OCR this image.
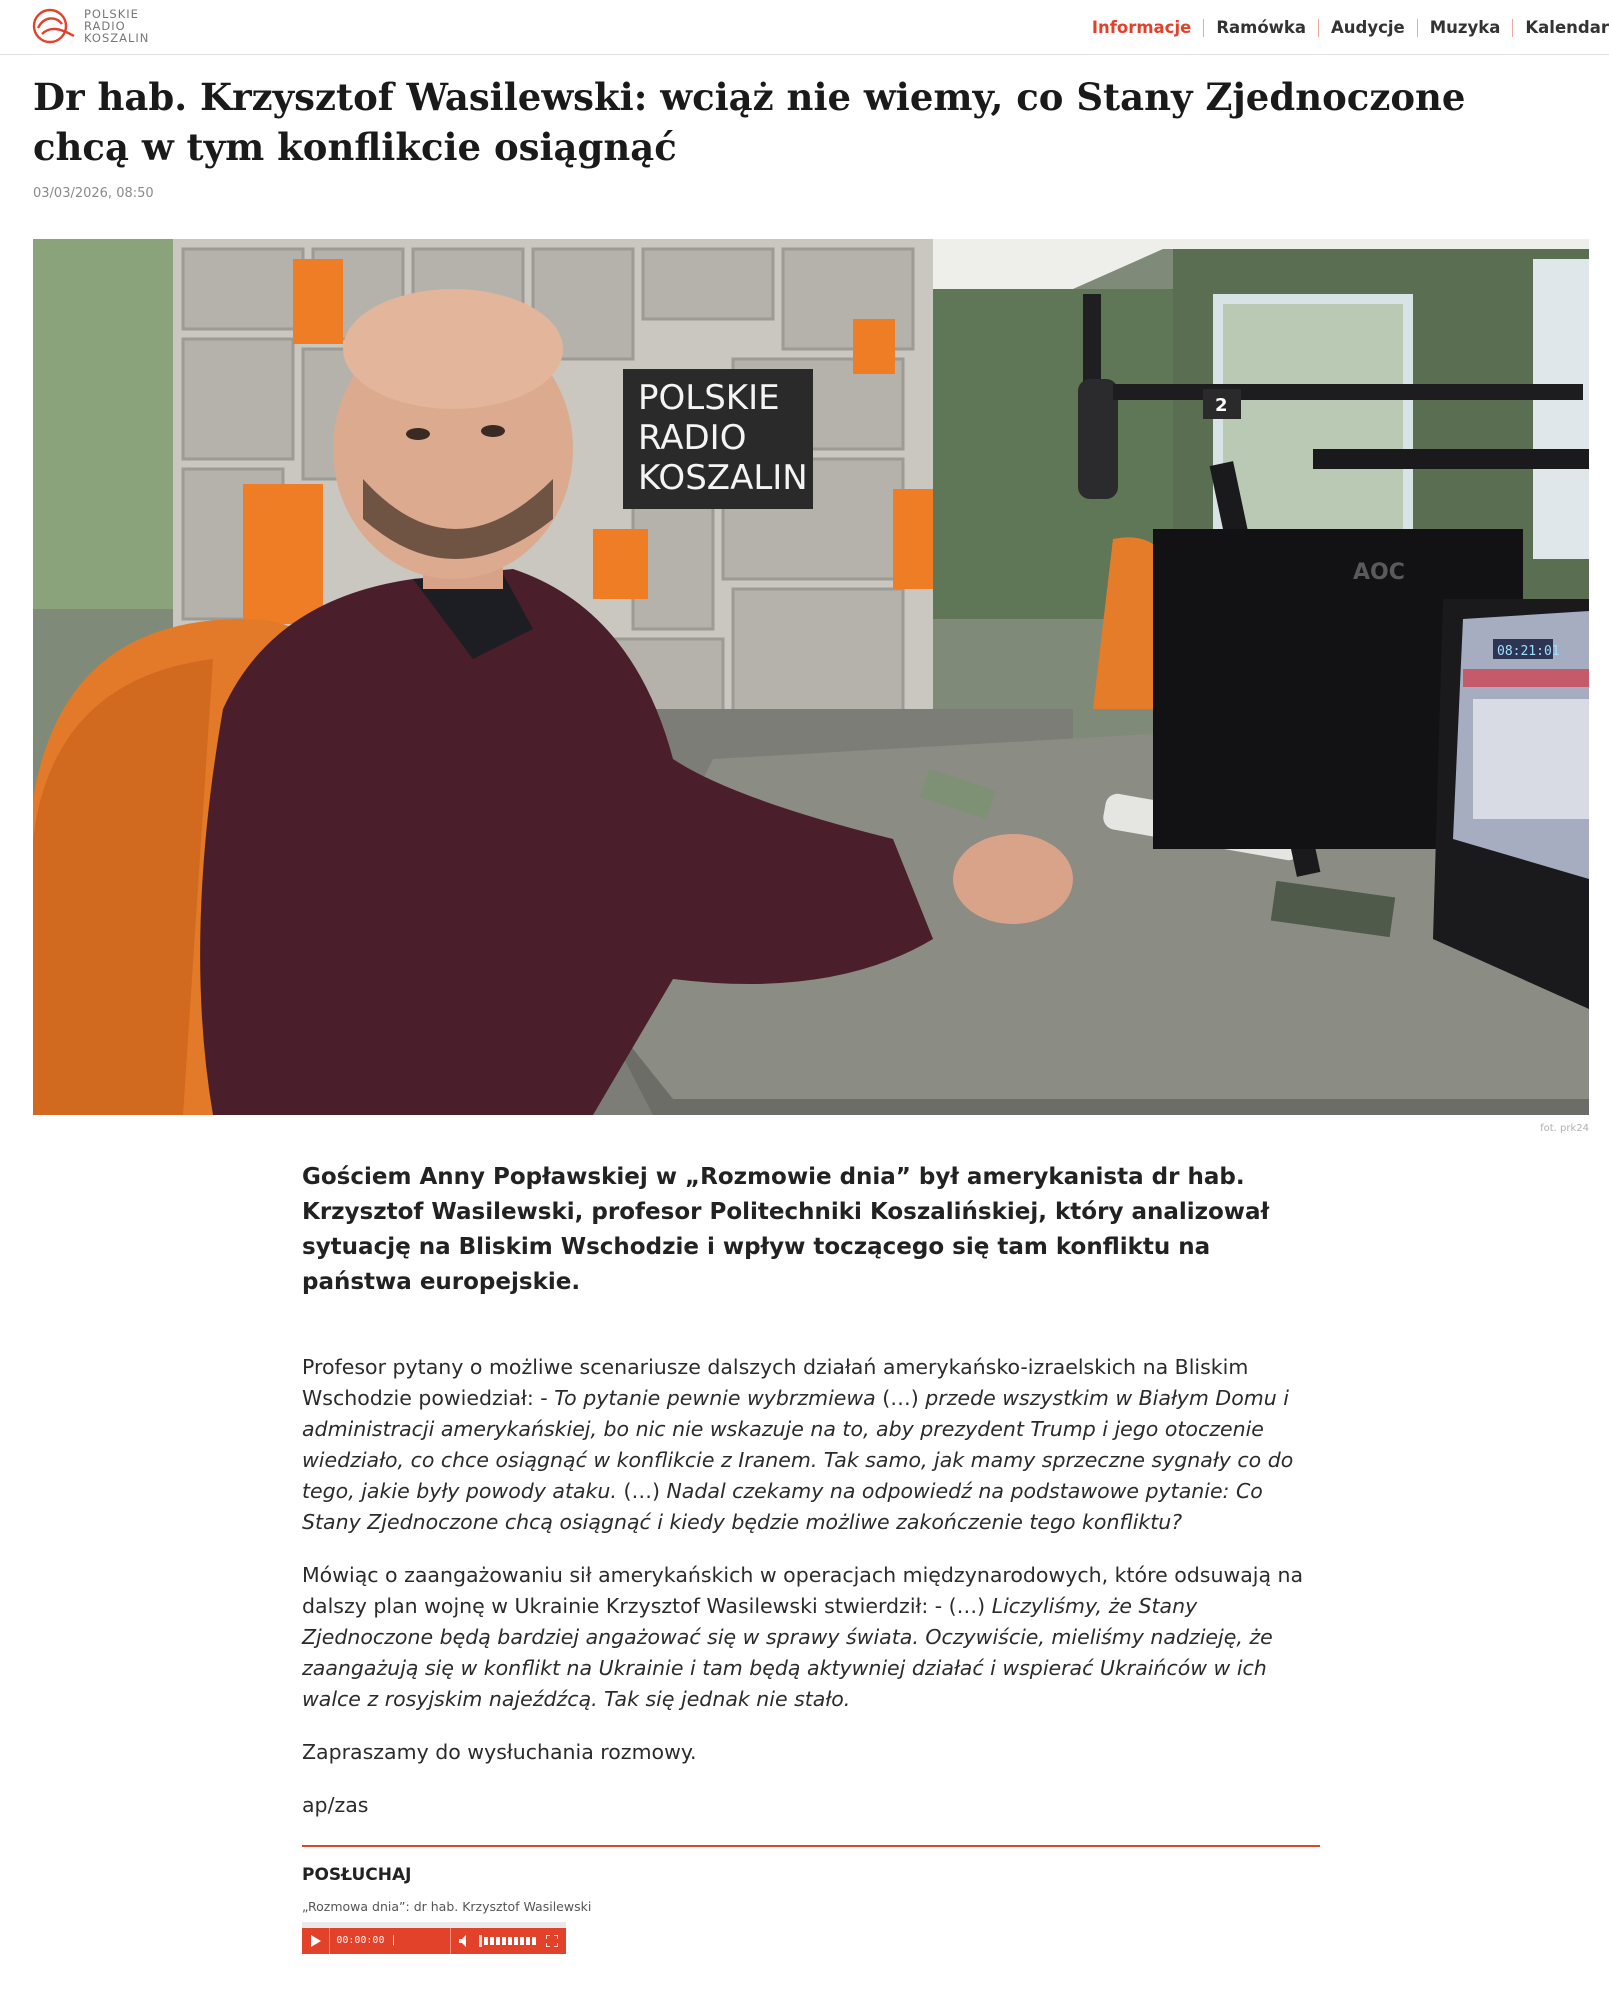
POLSKIE
RADIO
KOSZALIN
Informacje	Ramówka	Audycje	Muzyka	Kalendar
Dr hab. Krzysztof Wasilewski: wciąż nie wiemy, co Stany Zjednoczone chcą w tym konflikcie osiągnąć
03/03/2026, 08:50
POLSKIE
RADIO
KOSZALIN
2
AOC
08:21:01
fot. prk24

Gościem Anny Popławskiej w „Rozmowie dnia” był amerykanista dr hab. Krzysztof Wasilewski, profesor Politechniki Koszalińskiej, który analizował sytuację na Bliskim Wschodzie i wpływ toczącego się tam konfliktu na państwa europejskie.

Profesor pytany o możliwe scenariusze dalszych działań amerykańsko-izraelskich na Bliskim Wschodzie powiedział: - To pytanie pewnie wybrzmiewa (…) przede wszystkim w Białym Domu i administracji amerykańskiej, bo nic nie wskazuje na to, aby prezydent Trump i jego otoczenie wiedziało, co chce osiągnąć w konflikcie z Iranem. Tak samo, jak mamy sprzeczne sygnały co do tego, jakie były powody ataku. (…) Nadal czekamy na odpowiedź na podstawowe pytanie: Co Stany Zjednoczone chcą osiągnąć i kiedy będzie możliwe zakończenie tego konfliktu?

Mówiąc o zaangażowaniu sił amerykańskich w operacjach międzynarodowych, które odsuwają na dalszy plan wojnę w Ukrainie Krzysztof Wasilewski stwierdził: - (…) Liczyliśmy, że Stany Zjednoczone będą bardziej angażować się w sprawy świata. Oczywiście, mieliśmy nadzieję, że zaangażują się w konflikt na Ukrainie i tam będą aktywniej działać i wspierać Ukraińców w ich walce z rosyjskim najeźdźcą. Tak się jednak nie stało.

Zapraszamy do wysłuchania rozmowy.

ap/zas

POSŁUCHAJ
„Rozmowa dnia”: dr hab. Krzysztof Wasilewski
00:00:00 | 00:00:00
